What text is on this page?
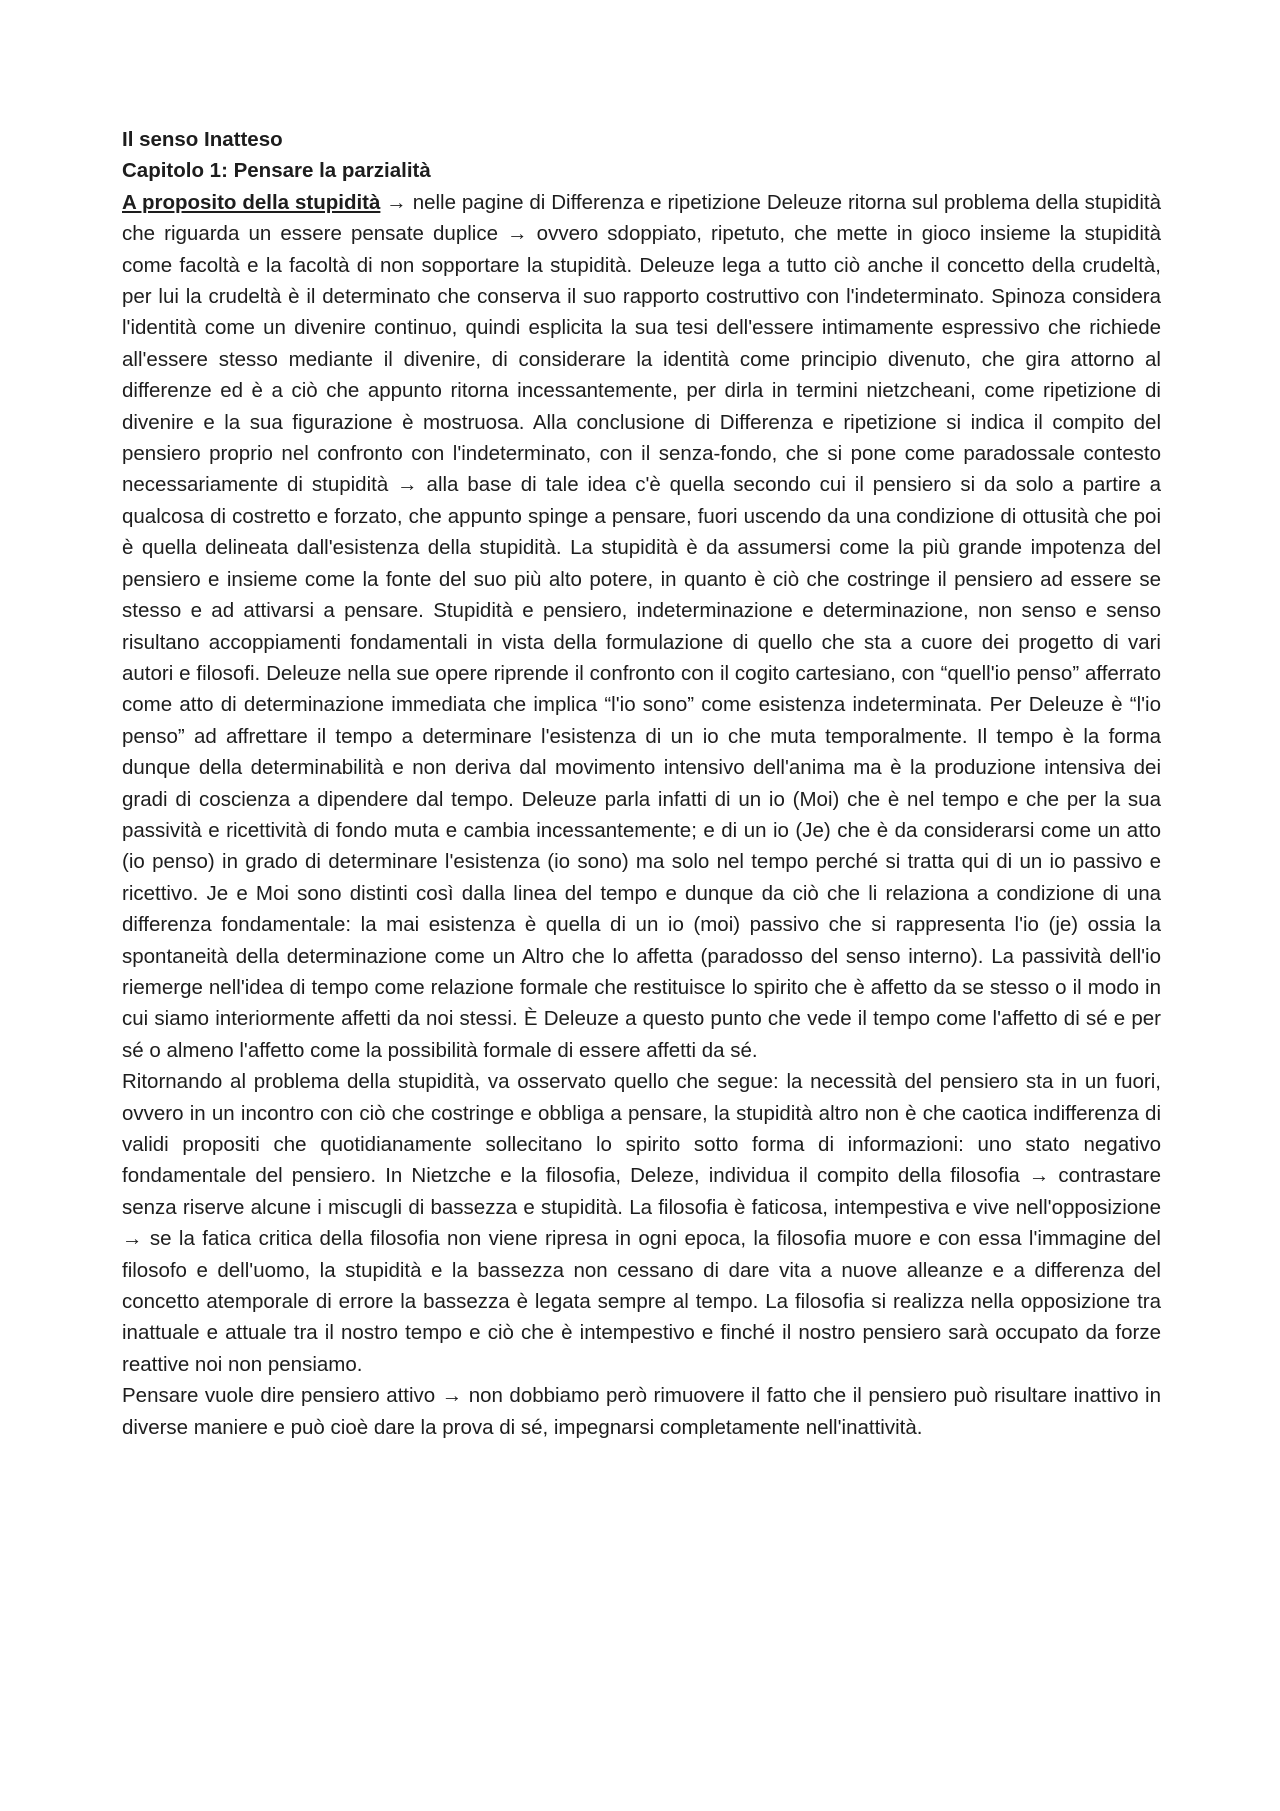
Il senso Inatteso
Capitolo 1: Pensare la parzialità

A proposito della stupidità → nelle pagine di Differenza e ripetizione Deleuze ritorna sul problema della stupidità che riguarda un essere pensate duplice → ovvero sdoppiato, ripetuto, che mette in gioco insieme la stupidità come facoltà e la facoltà di non sopportare la stupidità. Deleuze lega a tutto ciò anche il concetto della crudeltà, per lui la crudeltà è il determinato che conserva il suo rapporto costruttivo con l'indeterminato. Spinoza considera l'identità come un divenire continuo, quindi esplicita la sua tesi dell'essere intimamente espressivo che richiede all'essere stesso mediante il divenire, di considerare la identità come principio divenuto, che gira attorno al differenze ed è a ciò che appunto ritorna incessantemente, per dirla in termini nietzcheani, come ripetizione di divenire e la sua figurazione è mostruosa. Alla conclusione di Differenza e ripetizione si indica il compito del pensiero proprio nel confronto con l'indeterminato, con il senza-fondo, che si pone come paradossale contesto necessariamente di stupidità → alla base di tale idea c'è quella secondo cui il pensiero si da solo a partire a qualcosa di costretto e forzato, che appunto spinge a pensare, fuori uscendo da una condizione di ottusità che poi è quella delineata dall'esistenza della stupidità. La stupidità è da assumersi come la più grande impotenza del pensiero e insieme come la fonte del suo più alto potere, in quanto è ciò che costringe il pensiero ad essere se stesso e ad attivarsi a pensare. Stupidità e pensiero, indeterminazione e determinazione, non senso e senso risultano accoppiamenti fondamentali in vista della formulazione di quello che sta a cuore dei progetto di vari autori e filosofi. Deleuze nella sue opere riprende il confronto con il cogito cartesiano, con “quell'io penso” afferrato come atto di determinazione immediata che implica “l'io sono” come esistenza indeterminata. Per Deleuze è “l'io penso” ad affrettare il tempo a determinare l'esistenza di un io che muta temporalmente. Il tempo è la forma dunque della determinabilità e non deriva dal movimento intensivo dell'anima ma è la produzione intensiva dei gradi di coscienza a dipendere dal tempo. Deleuze parla infatti di un io (Moi) che è nel tempo e che per la sua passività e ricettività di fondo muta e cambia incessantemente; e di un io (Je) che è da considerarsi come un atto (io penso) in grado di determinare l'esistenza (io sono) ma solo nel tempo perché si tratta qui di un io passivo e ricettivo. Je e Moi sono distinti così dalla linea del tempo e dunque da ciò che li relaziona a condizione di una differenza fondamentale: la mai esistenza è quella di un io (moi) passivo che si rappresenta l'io (je) ossia la spontaneità della determinazione come un Altro che lo affetta (paradosso del senso interno). La passività dell'io riemerge nell'idea di tempo come relazione formale che restituisce lo spirito che è affetto da se stesso o il modo in cui siamo interiormente affetti da noi stessi. È Deleuze a questo punto che vede il tempo come l'affetto di sé e per sé o almeno l'affetto come la possibilità formale di essere affetti da sé.

Ritornando al problema della stupidità, va osservato quello che segue: la necessità del pensiero sta in un fuori, ovvero in un incontro con ciò che costringe e obbliga a pensare, la stupidità altro non è che caotica indifferenza di validi propositi che quotidianamente sollecitano lo spirito sotto forma di informazioni: uno stato negativo fondamentale del pensiero. In Nietzche e la filosofia, Deleze, individua il compito della filosofia → contrastare senza riserve alcune i miscugli di bassezza e stupidità. La filosofia è faticosa, intempestiva e vive nell'opposizione → se la fatica critica della filosofia non viene ripresa in ogni epoca, la filosofia muore e con essa l'immagine del filosofo e dell'uomo, la stupidità e la bassezza non cessano di dare vita a nuove alleanze e a differenza del concetto atemporale di errore la bassezza è legata sempre al tempo. La filosofia si realizza nella opposizione tra inattuale e attuale tra il nostro tempo e ciò che è intempestivo e finché il nostro pensiero sarà occupato da forze reattive noi non pensiamo.

Pensare vuole dire pensiero attivo → non dobbiamo però rimuovere il fatto che il pensiero può risultare inattivo in diverse maniere e può cioè dare la prova di sé, impegnarsi completamente nell'inattività.
